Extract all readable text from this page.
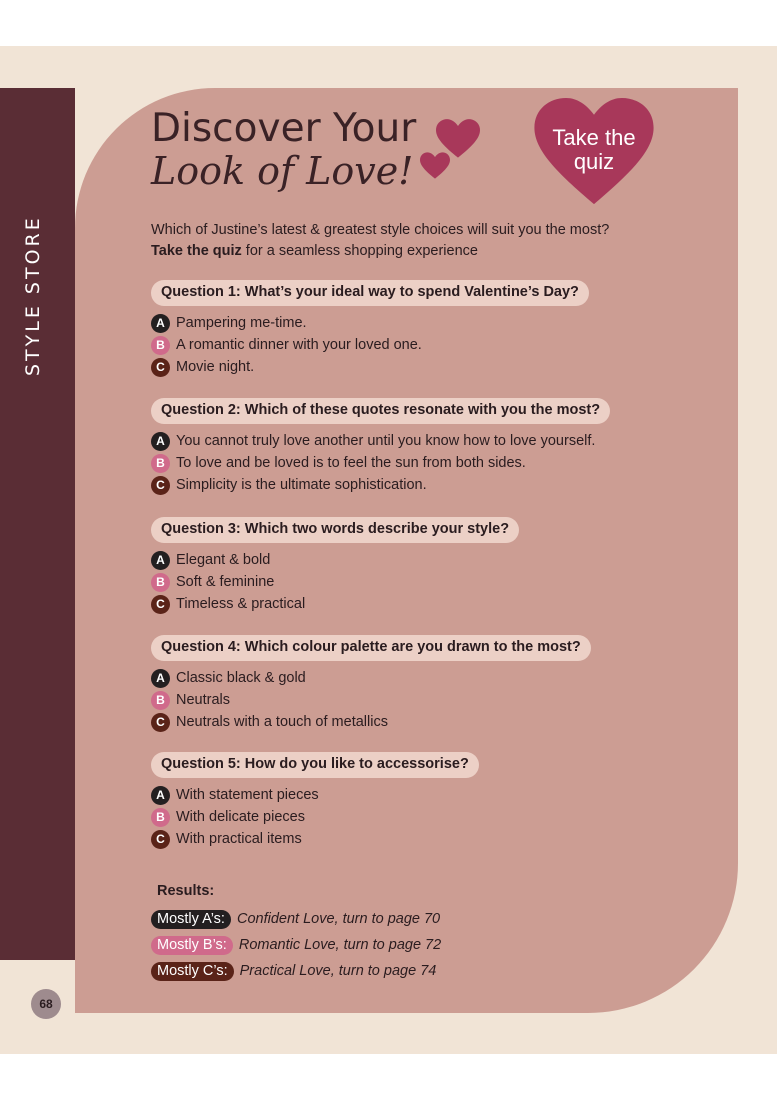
STYLE STORE
68
Discover Your
Look of Love!
Take the
quiz

Which of Justine’s latest & greatest style choices will suit you the most? Take the quiz for a seamless shopping experience

Question 1: What’s your ideal way to spend Valentine’s Day?
A Pampering me-time.
B A romantic dinner with your loved one.
C Movie night.
Question 2: Which of these quotes resonate with you the most?
A You cannot truly love another until you know how to love yourself.
B To love and be loved is to feel the sun from both sides.
C Simplicity is the ultimate sophistication.
Question 3: Which two words describe your style?
A Elegant & bold
B Soft & feminine
C Timeless & practical
Question 4: Which colour palette are you drawn to the most?
A Classic black & gold
B Neutrals
C Neutrals with a touch of metallics
Question 5: How do you like to accessorise?
A With statement pieces
B With delicate pieces
C With practical items
Results:
Mostly A’s: Confident Love, turn to page 70
Mostly B’s: Romantic Love, turn to page 72
Mostly C’s: Practical Love, turn to page 74
